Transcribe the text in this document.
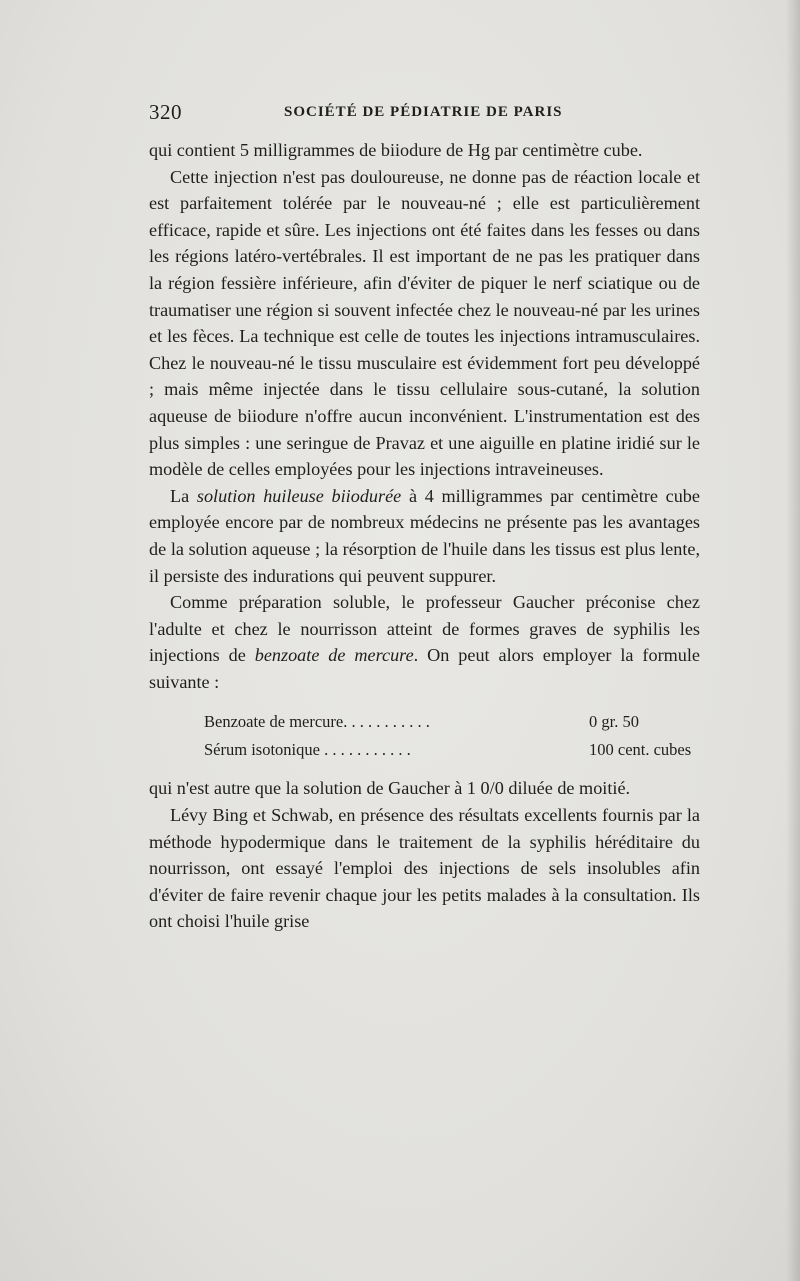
320	SOCIÉTÉ DE PÉDIATRIE DE PARIS

qui contient 5 milligrammes de biiodure de Hg par centimètre cube.

Cette injection n'est pas douloureuse, ne donne pas de réaction locale et est parfaitement tolérée par le nouveau-né ; elle est particulièrement efficace, rapide et sûre. Les injections ont été faites dans les fesses ou dans les régions latéro-vertébrales. Il est important de ne pas les pratiquer dans la région fessière inférieure, afin d'éviter de piquer le nerf sciatique ou de traumatiser une région si souvent infectée chez le nouveau-né par les urines et les fèces. La technique est celle de toutes les injections intramusculaires. Chez le nouveau-né le tissu musculaire est évidemment fort peu développé ; mais même injectée dans le tissu cellulaire sous-cutané, la solution aqueuse de biiodure n'offre aucun inconvénient. L'instrumentation est des plus simples : une seringue de Pravaz et une aiguille en platine iridié sur le modèle de celles employées pour les injections intraveineuses.

La solution huileuse biiodurée à 4 milligrammes par centimètre cube employée encore par de nombreux médecins ne présente pas les avantages de la solution aqueuse ; la résorption de l'huile dans les tissus est plus lente, il persiste des indurations qui peuvent suppurer.

Comme préparation soluble, le professeur Gaucher préconise chez l'adulte et chez le nourrisson atteint de formes graves de syphilis les injections de benzoate de mercure. On peut alors employer la formule suivante :

Benzoate de mercure. . . . . . . . . . .	0 gr. 50
Sérum isotonique . . . . . . . . . . .	100 cent. cubes

qui n'est autre que la solution de Gaucher à 1 0/0 diluée de moitié.

Lévy Bing et Schwab, en présence des résultats excellents fournis par la méthode hypodermique dans le traitement de la syphilis héréditaire du nourrisson, ont essayé l'emploi des injections de sels insolubles afin d'éviter de faire revenir chaque jour les petits malades à la consultation. Ils ont choisi l'huile grise
